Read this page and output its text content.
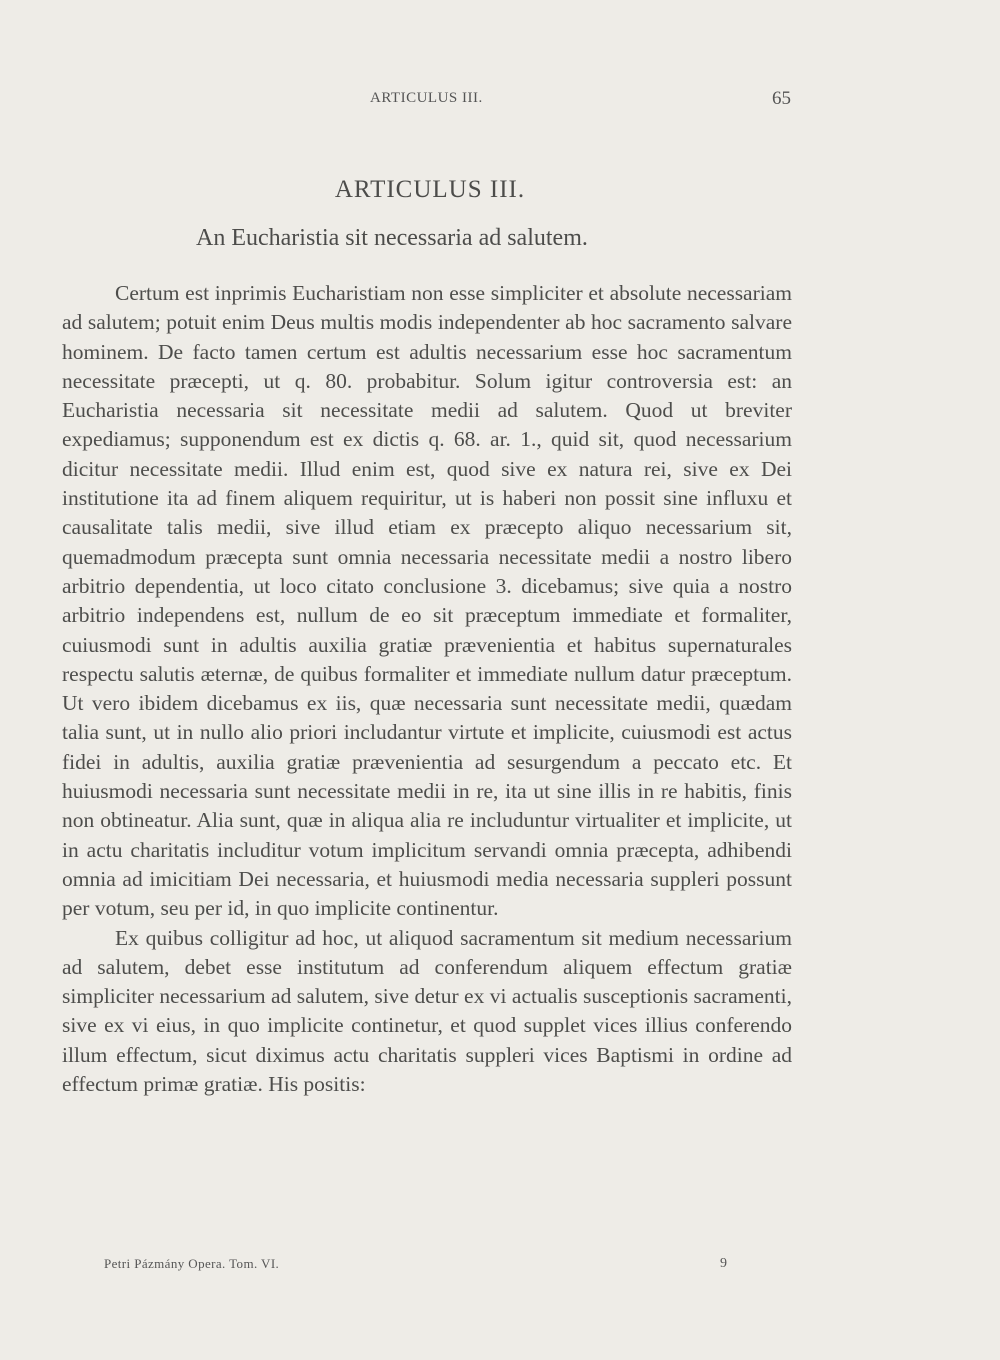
ARTICULUS III.	65
ARTICULUS III.
An Eucharistia sit necessaria ad salutem.

Certum est inprimis Eucharistiam non esse simpliciter et absolute necessariam ad salutem; potuit enim Deus multis modis independenter ab hoc sacramento salvare hominem. De facto tamen certum est adultis necessarium esse hoc sacramentum necessitate præcepti, ut q. 80. probabitur. Solum igitur controversia est: an Eucharistia necessaria sit necessitate medii ad salutem. Quod ut breviter expediamus; supponendum est ex dictis q. 68. ar. 1., quid sit, quod necessarium dicitur necessitate medii. Illud enim est, quod sive ex natura rei, sive ex Dei institutione ita ad finem aliquem requiritur, ut is haberi non possit sine influxu et causalitate talis medii, sive illud etiam ex præcepto aliquo necessarium sit, quemadmodum præcepta sunt omnia necessaria necessitate medii a nostro libero arbitrio dependentia, ut loco citato conclusione 3. dicebamus; sive quia a nostro arbitrio independens est, nullum de eo sit præceptum immediate et formaliter, cuiusmodi sunt in adultis auxilia gratiæ prævenientia et habitus supernaturales respectu salutis æternæ, de quibus formaliter et immediate nullum datur præceptum. Ut vero ibidem dicebamus ex iis, quæ necessaria sunt necessitate medii, quædam talia sunt, ut in nullo alio priori includantur virtute et implicite, cuiusmodi est actus fidei in adultis, auxilia gratiæ prævenientia ad sesurgendum a peccato etc. Et huiusmodi necessaria sunt necessitate medii in re, ita ut sine illis in re habitis, finis non obtineatur. Alia sunt, quæ in aliqua alia re includuntur virtualiter et implicite, ut in actu charitatis includitur votum implicitum servandi omnia præcepta, adhibendi omnia ad imicitiam Dei necessaria, et huiusmodi media necessaria suppleri possunt per votum, seu per id, in quo implicite continentur.

Ex quibus colligitur ad hoc, ut aliquod sacramentum sit medium necessarium ad salutem, debet esse institutum ad conferendum aliquem effectum gratiæ simpliciter necessarium ad salutem, sive detur ex vi actualis susceptionis sacramenti, sive ex vi eius, in quo implicite continetur, et quod supplet vices illius conferendo illum effectum, sicut diximus actu charitatis suppleri vices Baptismi in ordine ad effectum primæ gratiæ. His positis:

Petri Pázmány Opera. Tom. VI.	9
